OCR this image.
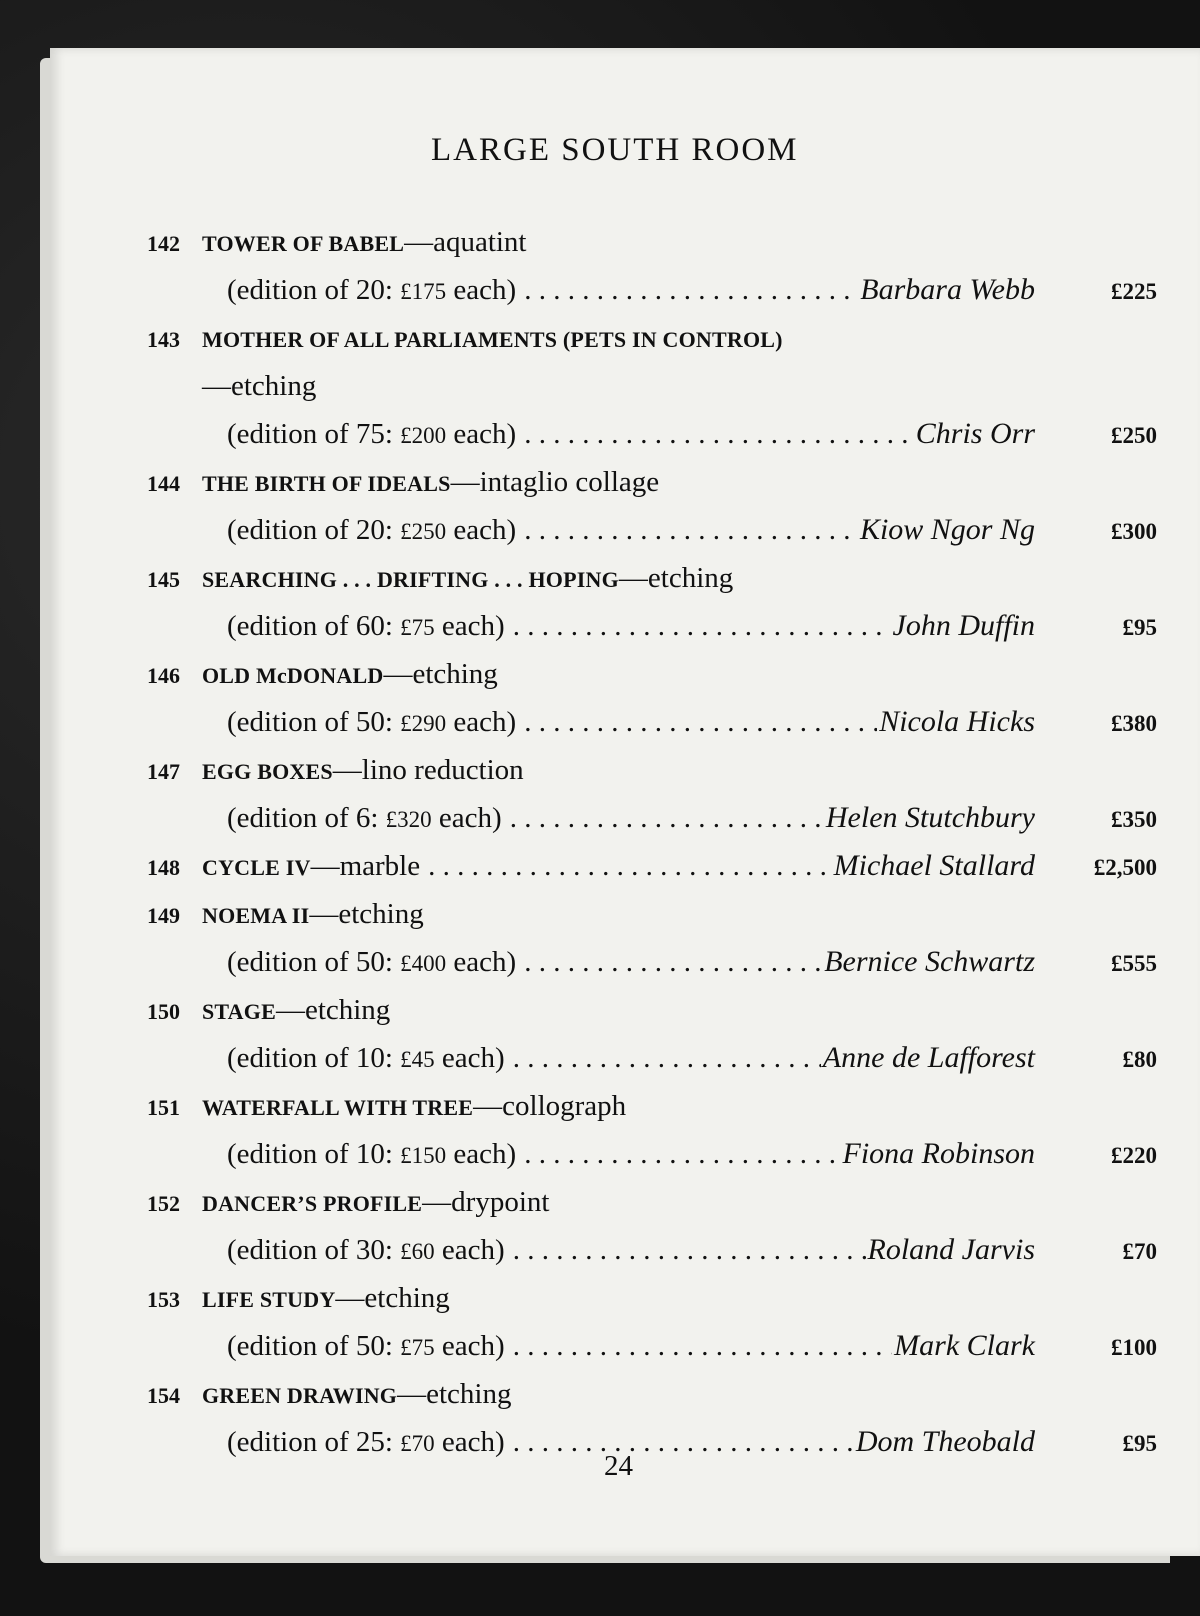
LARGE SOUTH ROOM
142 TOWER OF BABEL—aquatint
(edition of 20: £175 each) . . .	Barbara Webb	£225
143 MOTHER OF ALL PARLIAMENTS (PETS IN CONTROL)
—etching
(edition of 75: £200 each) . . .	Chris Orr	£250
144 THE BIRTH OF IDEALS—intaglio collage
(edition of 20: £250 each) . . .	Kiow Ngor Ng	£300
145 SEARCHING . . . DRIFTING . . . HOPING—etching
(edition of 60: £75 each) . . .	John Duffin	£95
146 OLD McDONALD—etching
(edition of 50: £290 each) . . .	Nicola Hicks	£380
147 EGG BOXES—lino reduction
(edition of 6: £320 each) . . .	Helen Stutchbury	£350
148	CYCLE IV —marble . . .	Michael Stallard	£2,500
149 NOEMA II—etching
(edition of 50: £400 each) . . .	Bernice Schwartz	£555
150 STAGE—etching
(edition of 10: £45 each) . . .	Anne de Lafforest	£80
151 WATERFALL WITH TREE—collograph
(edition of 10: £150 each) . . .	Fiona Robinson	£220
152 DANCER’S PROFILE—drypoint
(edition of 30: £60 each) . . .	Roland Jarvis	£70
153 LIFE STUDY—etching
(edition of 50: £75 each) . . .	Mark Clark	£100
154 GREEN DRAWING—etching
(edition of 25: £70 each) . . .	Dom Theobald	£95
24
